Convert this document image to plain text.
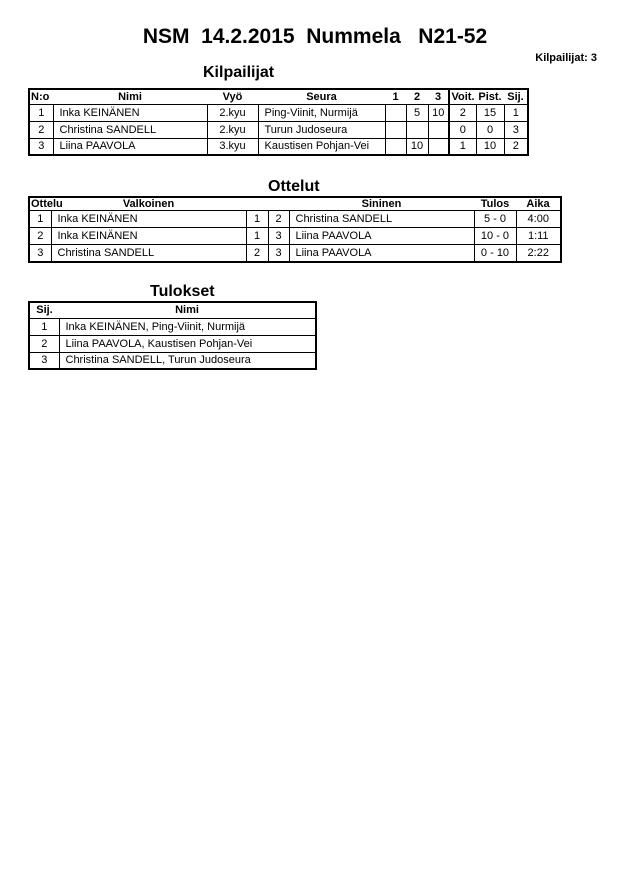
NSM  14.2.2015  Nummela   N21-52
Kilpailijat: 3
Kilpailijat
N:o	Nimi	Vyö	Seura	1	2	3	Voit.	Pist.	Sij.
1	Inka KEINÄNEN	2.kyu	Ping-Viinit, Nurmijä		5	10	2	15	1
2	Christina SANDELL	2.kyu	Turun Judoseura				0	0	3
3	Liina PAAVOLA	3.kyu	Kaustisen Pohjan-Vei		10		1	10	2
Ottelut
Ottelu	Valkoinen			Sininen	Tulos	Aika
1	Inka KEINÄNEN	1	2	Christina SANDELL	5 - 0	4:00
2	Inka KEINÄNEN	1	3	Liina PAAVOLA	10 - 0	1:11
3	Christina SANDELL	2	3	Liina PAAVOLA	0 - 10	2:22
Tulokset
Sij.	Nimi
1	Inka KEINÄNEN, Ping-Viinit, Nurmijä
2	Liina PAAVOLA, Kaustisen Pohjan-Vei
3	Christina SANDELL, Turun Judoseura
